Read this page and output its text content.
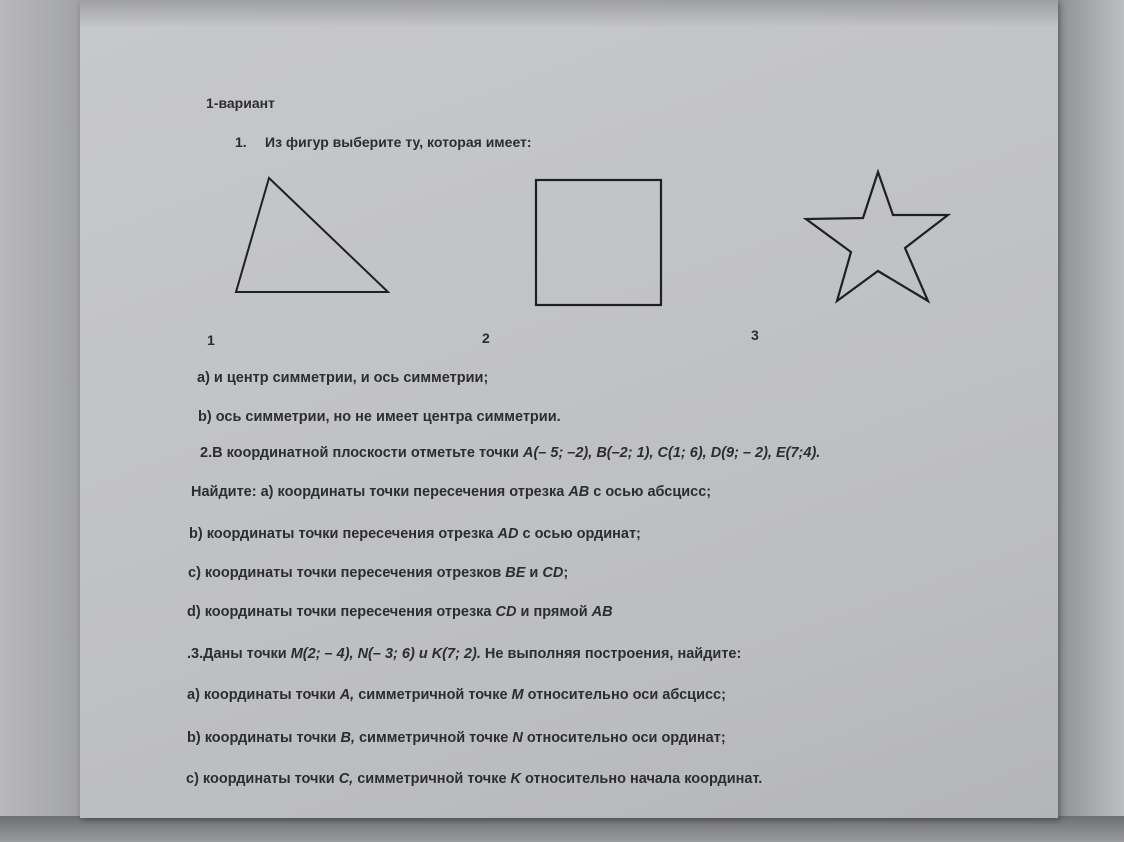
1-вариант
1. Из фигур выберите ту, которая имеет:
1	2	3
a) и центр симметрии, и ось симметрии;
b) ось симметрии, но не имеет центра симметрии.
2.В координатной плоскости отметьте точки A(– 5; –2), B(–2; 1), C(1; 6), D(9; – 2), E(7;4).
Найдите: a) координаты точки пересечения отрезка AB с осью абсцисс;
b) координаты точки пересечения отрезка AD с осью ординат;
c) координаты точки пересечения отрезков BE и CD;
d) координаты точки пересечения отрезка CD и прямой AB
.3.Даны точки M(2; – 4), N(– 3; 6) и K(7; 2). Не выполняя построения, найдите:
a) координаты точки A, симметричной точке M относительно оси абсцисс;
b) координаты точки B, симметричной точке N относительно оси ординат;
c) координаты точки C, симметричной точке K относительно начала координат.
